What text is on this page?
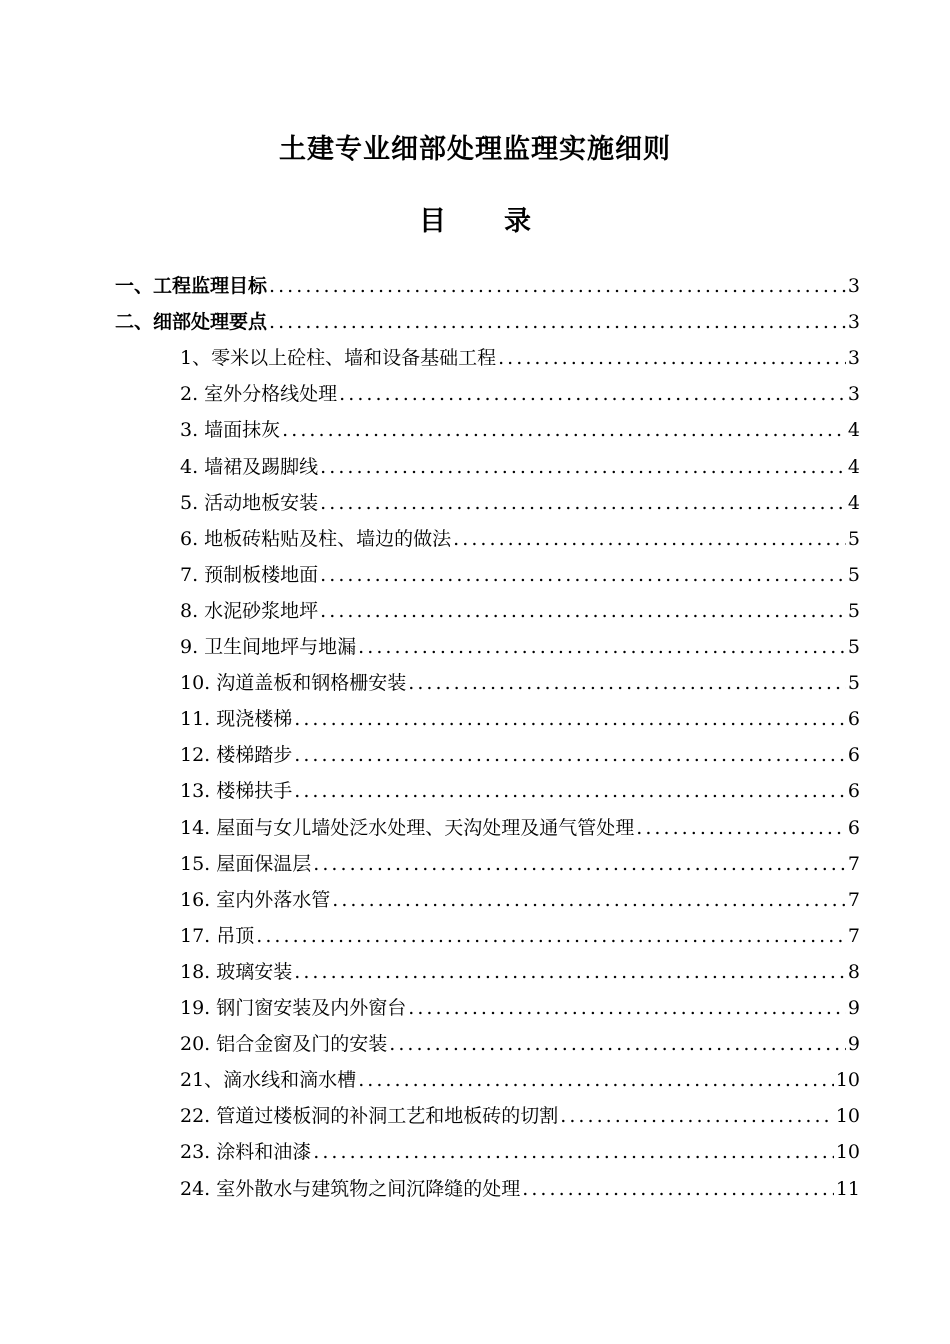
土建专业细部处理监理实施细则
目 录
一、工程监理目标 . . .	3
二、细部处理要点 . . .	3
1、零米以上砼柱、墙和设备基础工程 . . .	3
2. 室外分格线处理 . . .	3
3. 墙面抹灰 . . .	4
4. 墙裙及踢脚线 . . .	4
5. 活动地板安装 . . .	4
6. 地板砖粘贴及柱、墙边的做法 . . .	5
7. 预制板楼地面 . . .	5
8. 水泥砂浆地坪 . . .	5
9. 卫生间地坪与地漏 . . .	5
10. 沟道盖板和钢格栅安装 . . .	5
11. 现浇楼梯 . . .	6
12. 楼梯踏步 . . .	6
13. 楼梯扶手 . . .	6
14. 屋面与女儿墙处泛水处理、天沟处理及通气管处理 . . .	6
15. 屋面保温层 . . .	7
16. 室内外落水管 . . .	7
17. 吊顶 . . .	7
18. 玻璃安装 . . .	8
19. 钢门窗安装及内外窗台 . . .	9
20. 铝合金窗及门的安装 . . .	9
21、滴水线和滴水槽 . . .	10
22. 管道过楼板洞的补洞工艺和地板砖的切割 . . .	10
23. 涂料和油漆 . . .	10
24. 室外散水与建筑物之间沉降缝的处理 . . .	11
